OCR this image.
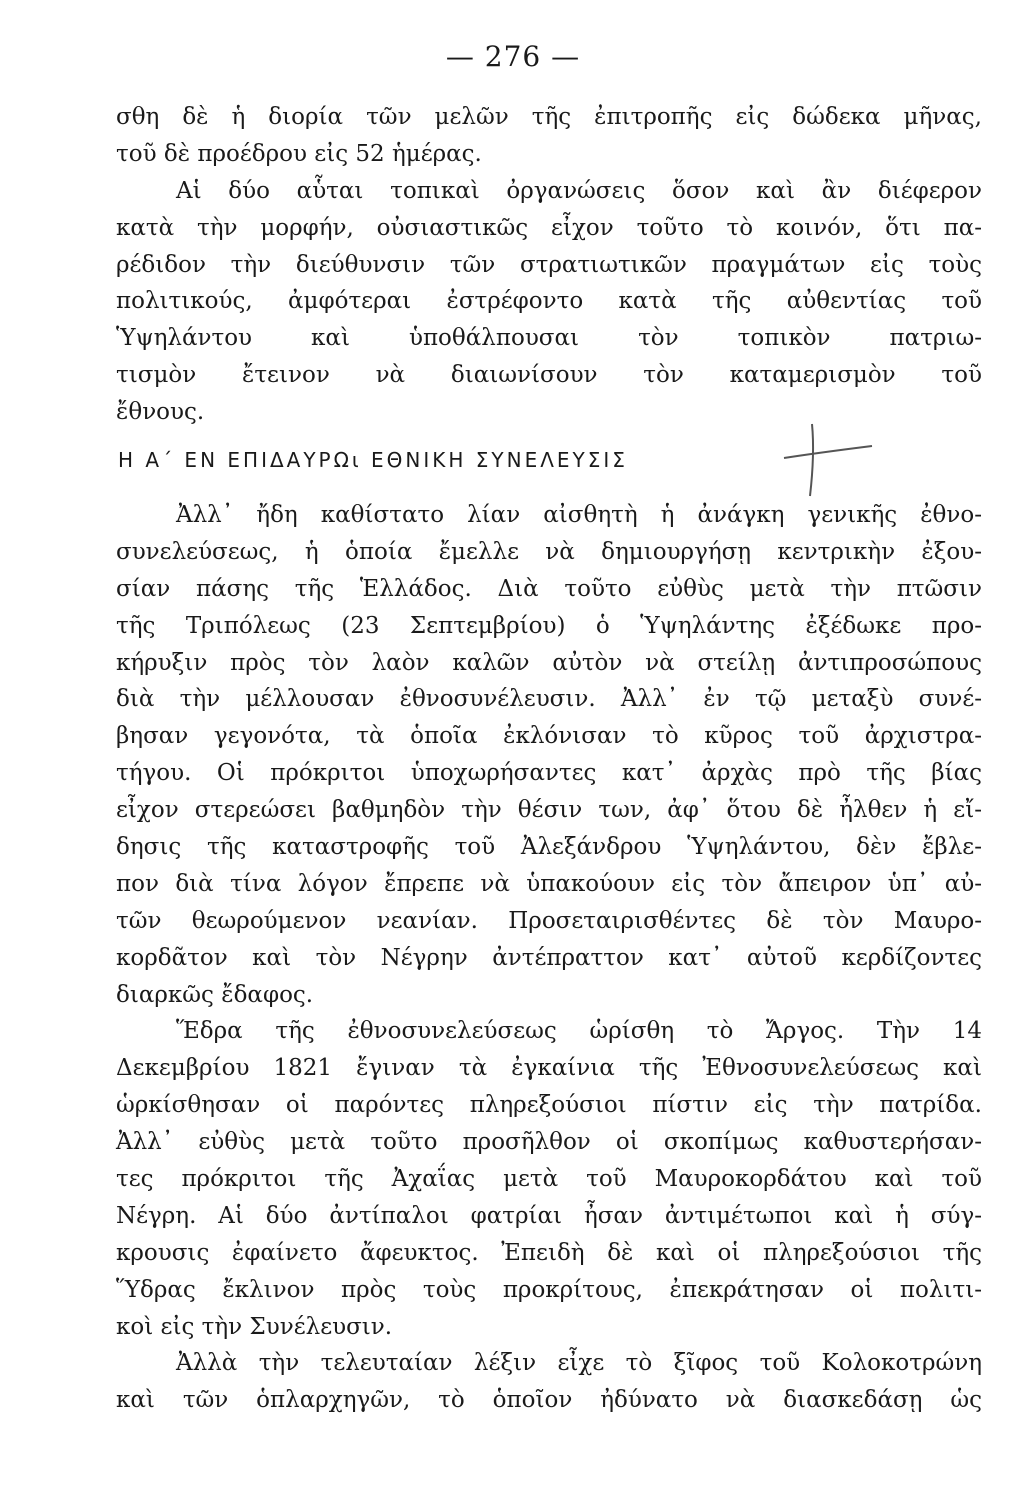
— 276 —
σθη δὲ ἡ διορία τῶν μελῶν τῆς ἐπιτροπῆς εἰς δώδεκα μῆνας,
τοῦ δὲ προέδρου εἰς 52 ἡμέρας.
Αἱ δύο αὗται τοπικαὶ ὀργανώσεις ὅσον καὶ ἂν διέφερον
κατὰ τὴν μορφήν, οὐσιαστικῶς εἶχον τοῦτο τὸ κοινόν, ὅτι πα-
ρέδιδον τὴν διεύθυνσιν τῶν στρατιωτικῶν πραγμάτων εἰς τοὺς
πολιτικούς, ἀμφότεραι ἐστρέφοντο κατὰ τῆς αὐθεντίας τοῦ
Ὑψηλάντου καὶ ὑποθάλπουσαι τὸν τοπικὸν πατριω-
τισμὸν ἔτεινον νὰ διαιωνίσουν τὸν καταμερισμὸν τοῦ
ἔθνους.
Η Α΄ ΕΝ ΕΠΙΔΑΥΡΩι ΕΘΝΙΚΗ ΣΥΝΕΛΕΥΣΙΣ
Ἀλλ᾽ ἤδη καθίστατο λίαν αἰσθητὴ ἡ ἀνάγκη γενικῆς ἐθνο-
συνελεύσεως, ἡ ὁποία ἔμελλε νὰ δημιουργήσῃ κεντρικὴν ἐξου-
σίαν πάσης τῆς Ἑλλάδος. Διὰ τοῦτο εὐθὺς μετὰ τὴν πτῶσιν
τῆς Τριπόλεως (23 Σεπτεμβρίου) ὁ Ὑψηλάντης ἐξέδωκε προ-
κήρυξιν πρὸς τὸν λαὸν καλῶν αὐτὸν νὰ στείλῃ ἀντιπροσώπους
διὰ τὴν μέλλουσαν ἐθνοσυνέλευσιν. Ἀλλ᾽ ἐν τῷ μεταξὺ συνέ-
βησαν γεγονότα, τὰ ὁποῖα ἐκλόνισαν τὸ κῦρος τοῦ ἀρχιστρα-
τήγου. Οἱ πρόκριτοι ὑποχωρήσαντες κατ᾽ ἀρχὰς πρὸ τῆς βίας
εἶχον στερεώσει βαθμηδὸν τὴν θέσιν των, ἀφ᾽ ὅτου δὲ ἦλθεν ἡ εἴ-
δησις τῆς καταστροφῆς τοῦ Ἀλεξάνδρου Ὑψηλάντου, δὲν ἔβλε-
πον διὰ τίνα λόγον ἔπρεπε νὰ ὑπακούουν εἰς τὸν ἄπειρον ὑπ᾽ αὐ-
τῶν θεωρούμενον νεανίαν. Προσεταιρισθέντες δὲ τὸν Μαυρο-
κορδᾶτον καὶ τὸν Νέγρην ἀντέπραττον κατ᾽ αὐτοῦ κερδίζοντες
διαρκῶς ἔδαφος.
Ἕδρα τῆς ἐθνοσυνελεύσεως ὡρίσθη τὸ Ἄργος. Τὴν 14
Δεκεμβρίου 1821 ἔγιναν τὰ ἐγκαίνια τῆς Ἐθνοσυνελεύσεως καὶ
ὡρκίσθησαν οἱ παρόντες πληρεξούσιοι πίστιν εἰς τὴν πατρίδα.
Ἀλλ᾽ εὐθὺς μετὰ τοῦτο προσῆλθον οἱ σκοπίμως καθυστερήσαν-
τες πρόκριτοι τῆς Ἀχαΐας μετὰ τοῦ Μαυροκορδάτου καὶ τοῦ
Νέγρη. Αἱ δύο ἀντίπαλοι φατρίαι ἦσαν ἀντιμέτωποι καὶ ἡ σύγ-
κρουσις ἐφαίνετο ἄφευκτος. Ἐπειδὴ δὲ καὶ οἱ πληρεξούσιοι τῆς
Ὕδρας ἔκλινον πρὸς τοὺς προκρίτους, ἐπεκράτησαν οἱ πολιτι-
κοὶ εἰς τὴν Συνέλευσιν.
Ἀλλὰ τὴν τελευταίαν λέξιν εἶχε τὸ ξῖφος τοῦ Κολοκοτρώνη
καὶ τῶν ὁπλαρχηγῶν, τὸ ὁποῖον ἠδύνατο νὰ διασκεδάσῃ ὡς
